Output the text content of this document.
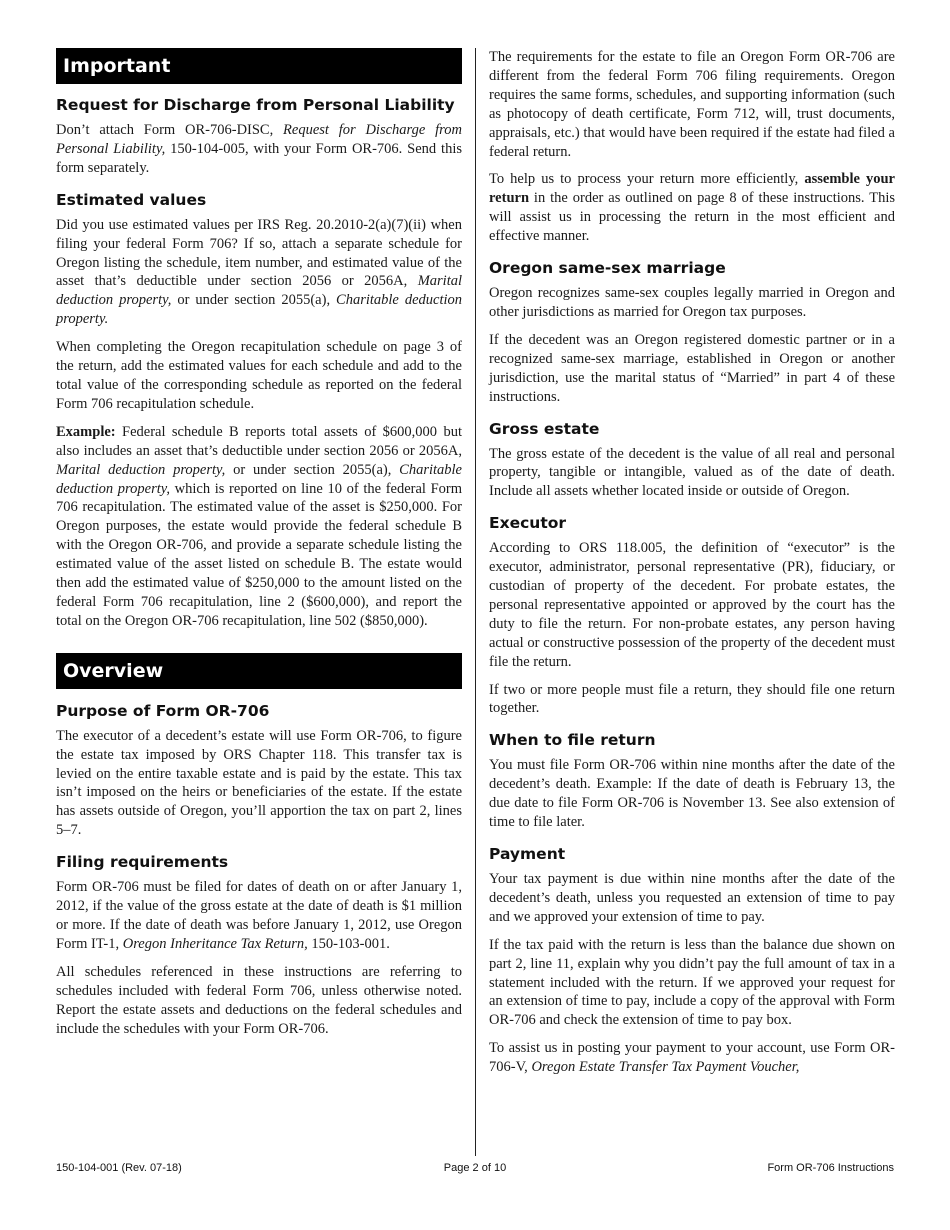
Important
Request for Discharge from Personal Liability

Don’t attach Form OR-706-DISC, Request for Discharge from Personal Liability, 150-104-005, with your Form OR-706. Send this form separately.

Estimated values

Did you use estimated values per IRS Reg. 20.2010-2(a)(7)(ii) when filing your federal Form 706? If so, attach a separate schedule for Oregon listing the schedule, item number, and estimated value of the asset that’s deductible under section 2056 or 2056A, Marital deduction property, or under section 2055(a), Charitable deduction property.

When completing the Oregon recapitulation schedule on page 3 of the return, add the estimated values for each schedule and add to the total value of the corresponding schedule as reported on the federal Form 706 recapitulation schedule.

Example: Federal schedule B reports total assets of $600,000 but also includes an asset that’s deductible under section 2056 or 2056A, Marital deduction property, or under section 2055(a), Charitable deduction property, which is reported on line 10 of the federal Form 706 recapitulation. The estimated value of the asset is $250,000. For Oregon purposes, the estate would provide the federal schedule B with the Oregon OR-706, and provide a separate schedule listing the estimated value of the asset listed on schedule B. The estate would then add the estimated value of $250,000 to the amount listed on the federal Form 706 recapitulation, line 2 ($600,000), and report the total on the Oregon OR-706 recapitulation, line 502 ($850,000).

Overview
Purpose of Form OR-706

The executor of a decedent’s estate will use Form OR-706, to figure the estate tax imposed by ORS Chapter 118. This transfer tax is levied on the entire taxable estate and is paid by the estate. This tax isn’t imposed on the heirs or beneficiaries of the estate. If the estate has assets outside of Oregon, you’ll apportion the tax on part 2, lines 5–7.

Filing requirements

Form OR-706 must be filed for dates of death on or after January 1, 2012, if the value of the gross estate at the date of death is $1 million or more. If the date of death was before January 1, 2012, use Oregon Form IT-1, Oregon Inheritance Tax Return, 150-103-001.

All schedules referenced in these instructions are referring to schedules included with federal Form 706, unless otherwise noted. Report the estate assets and deductions on the federal schedules and include the schedules with your Form OR-706.

The requirements for the estate to file an Oregon Form OR-706 are different from the federal Form 706 filing requirements. Oregon requires the same forms, schedules, and supporting information (such as photocopy of death certificate, Form 712, will, trust documents, appraisals, etc.) that would have been required if the estate had filed a federal return.

To help us to process your return more efficiently, assemble your return in the order as outlined on page 8 of these instructions. This will assist us in processing the return in the most efficient and effective manner.

Oregon same-sex marriage

Oregon recognizes same-sex couples legally married in Oregon and other jurisdictions as married for Oregon tax purposes.

If the decedent was an Oregon registered domestic partner or in a recognized same-sex marriage, established in Oregon or another jurisdiction, use the marital status of “Married” in part 4 of these instructions.

Gross estate

The gross estate of the decedent is the value of all real and personal property, tangible or intangible, valued as of the date of death. Include all assets whether located inside or outside of Oregon.

Executor

According to ORS 118.005, the definition of “executor” is the executor, administrator, personal representative (PR), fiduciary, or custodian of property of the decedent. For probate estates, the personal representative appointed or approved by the court has the duty to file the return. For non-probate estates, any person having actual or constructive possession of the property of the decedent must file the return.

If two or more people must file a return, they should file one return together.

When to file return

You must file Form OR-706 within nine months after the date of the decedent’s death. Example: If the date of death is February 13, the due date to file Form OR-706 is November 13. See also extension of time to file later.

Payment

Your tax payment is due within nine months after the date of the decedent’s death, unless you requested an extension of time to pay and we approved your extension of time to pay.

If the tax paid with the return is less than the balance due shown on part 2, line 11, explain why you didn’t pay the full amount of tax in a statement included with the return. If we approved your request for an extension of time to pay, include a copy of the approval with Form OR-706 and check the extension of time to pay box.

To assist us in posting your payment to your account, use Form OR-706-V, Oregon Estate Transfer Tax Payment Voucher,

150-104-001 (Rev. 07-18)	Page 2 of 10	Form OR-706 Instructions
